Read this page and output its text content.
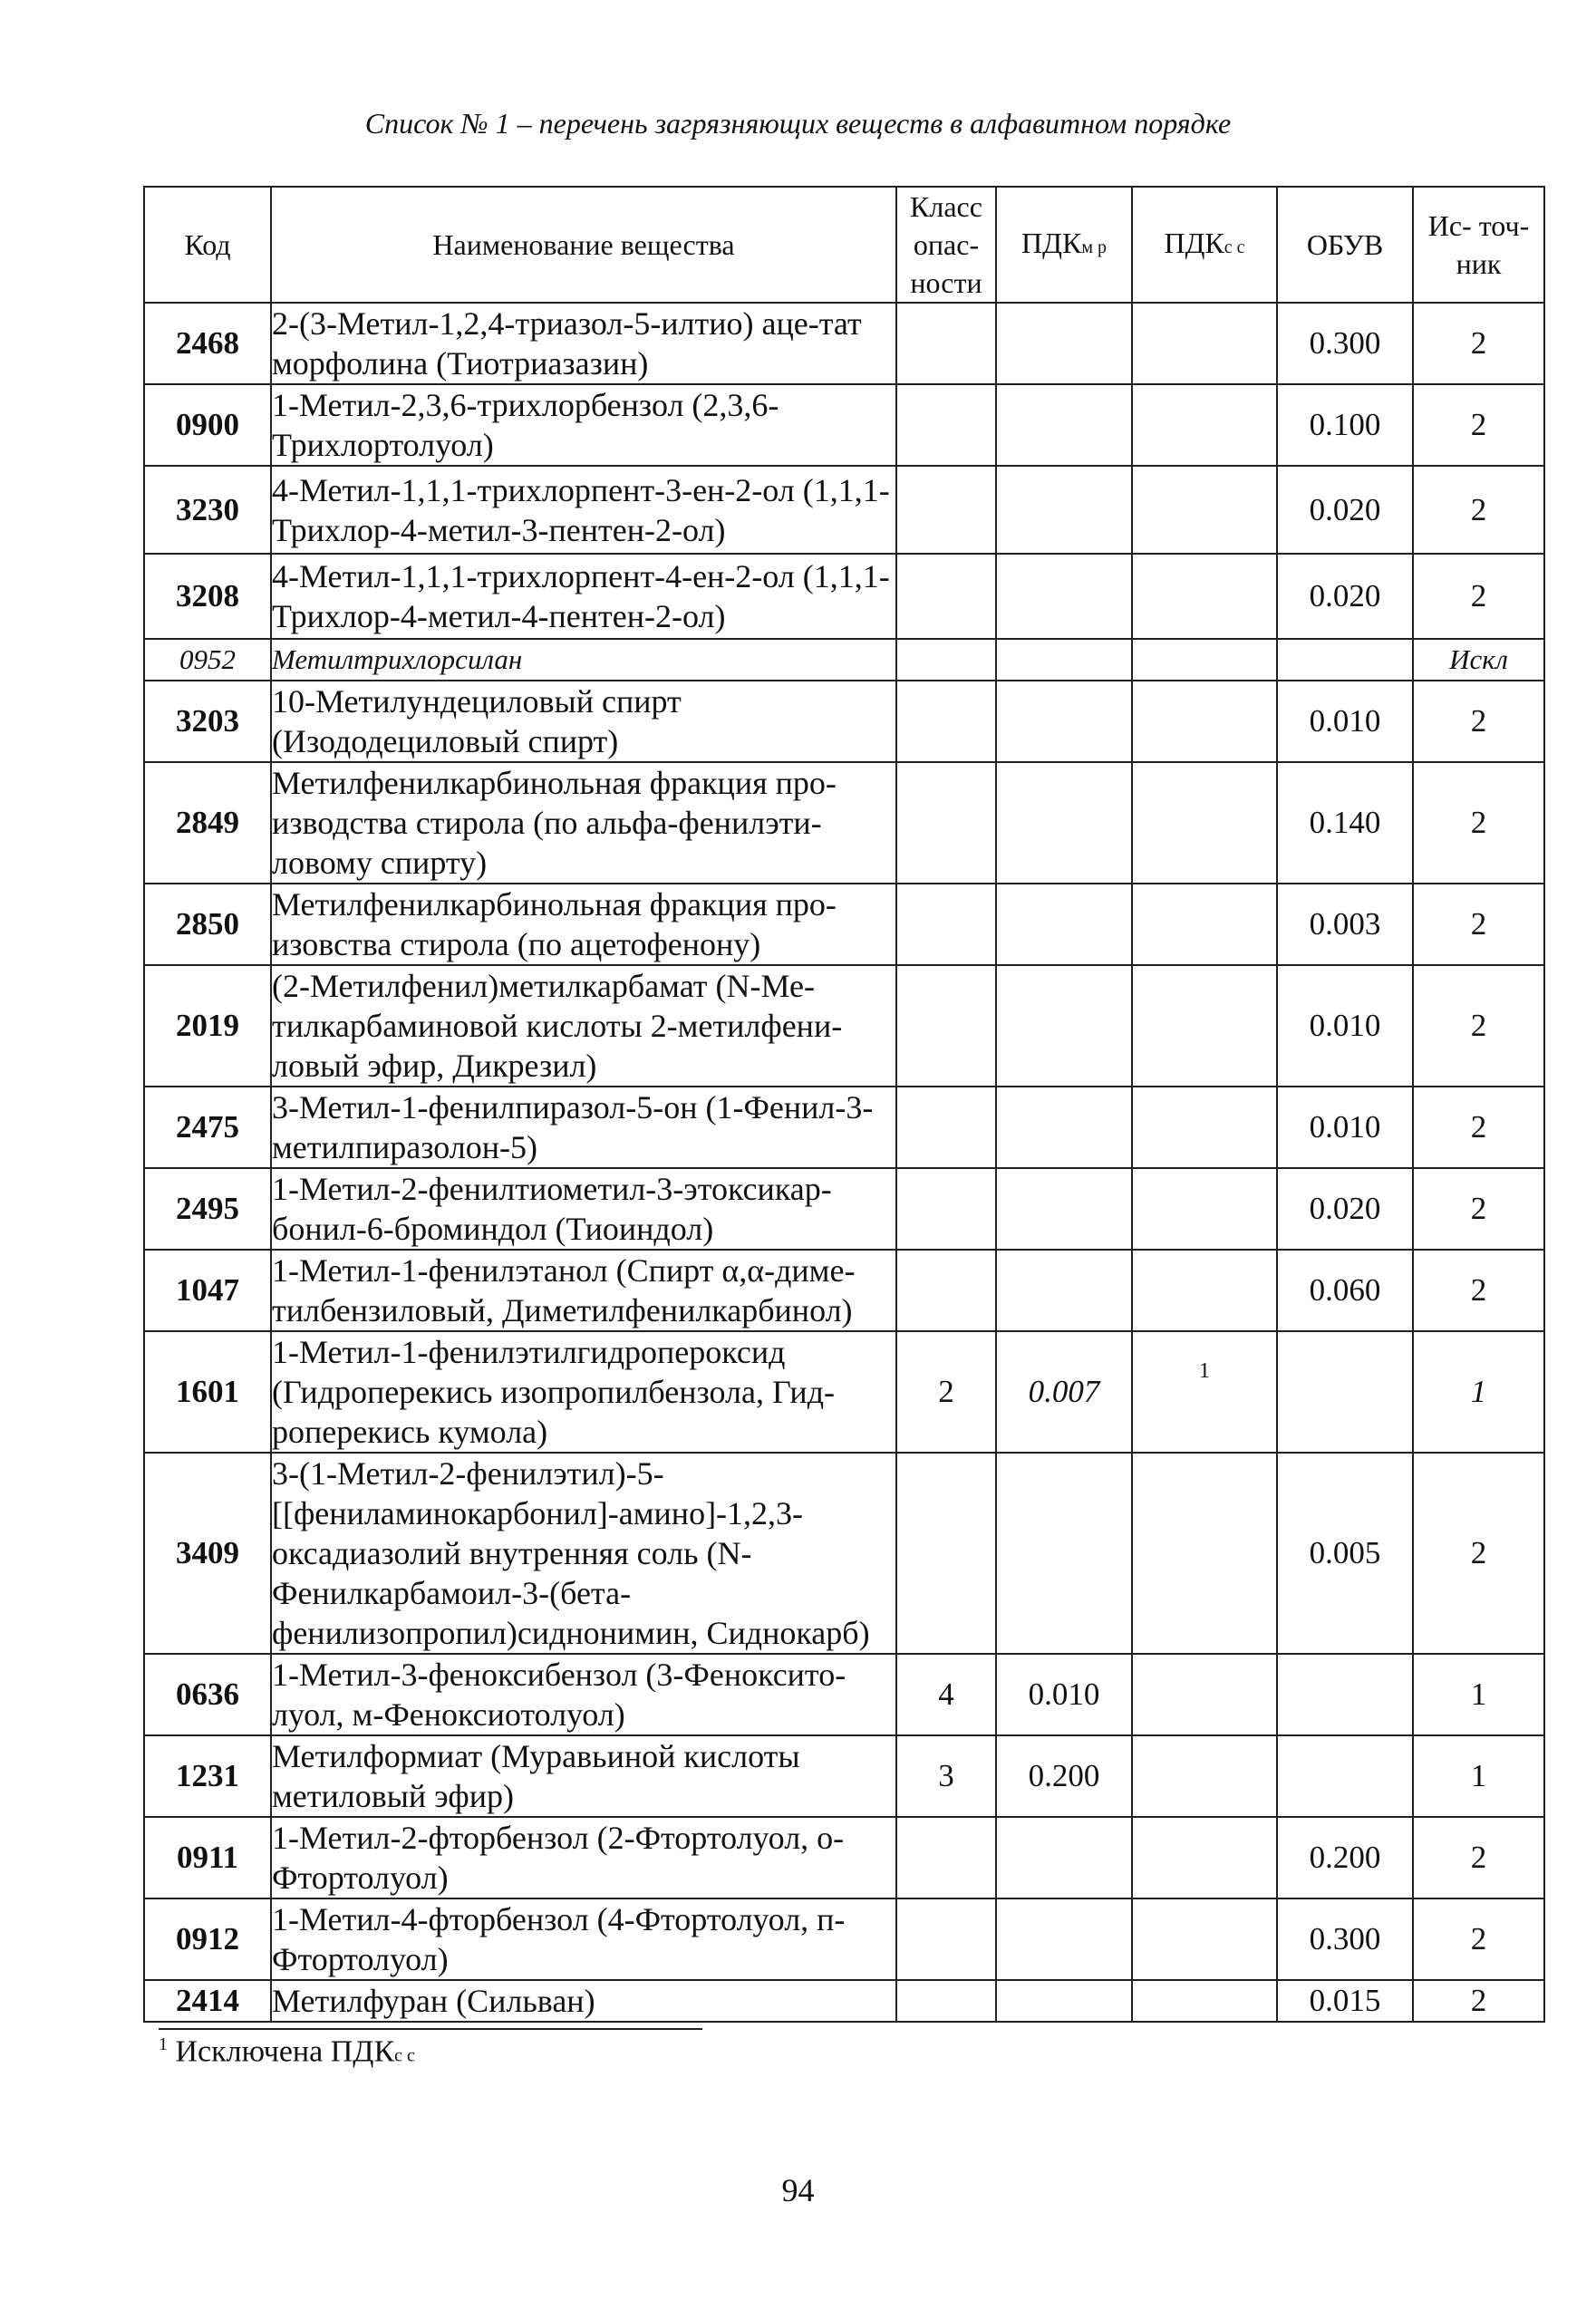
Список № 1 – перечень загрязняющих веществ в алфавитном порядке
Код	Наименование вещества	Класс опас- ности	ПДКм р	ПДКс с	ОБУВ	Ис- точ- ник
2468	2-(3-Метил-1,2,4-триазол-5-илтио) аце-тат морфолина (Тиотриазазин)				0.300	2
0900	1-Метил-2,3,6-трихлорбензол (2,3,6-Трихлортолуол)				0.100	2
3230	4-Метил-1,1,1-трихлорпент-3-ен-2-ол (1,1,1-Трихлор-4-метил-3-пентен-2-ол)				0.020	2
3208	4-Метил-1,1,1-трихлорпент-4-ен-2-ол (1,1,1-Трихлор-4-метил-4-пентен-2-ол)				0.020	2
0952	Метилтрихлорсилан					Искл
3203	10-Метилундециловый спирт (Изододециловый спирт)				0.010	2
2849	Метилфенилкарбинольная фракция про-изводства стирола (по альфа-фенилэти-ловому спирту)				0.140	2
2850	Метилфенилкарбинольная фракция про-изовства стирола (по ацетофенону)				0.003	2
2019	(2-Метилфенил)метилкарбамат (N-Ме-тилкарбаминовой кислоты 2-метилфени-ловый эфир, Дикрезил)				0.010	2
2475	3-Метил-1-фенилпиразол-5-он (1-Фенил-3-метилпиразолон-5)				0.010	2
2495	1-Метил-2-фенилтиометил-3-этоксикар-бонил-6-броминдол (Тиоиндол)				0.020	2
1047	1-Метил-1-фенилэтанол (Спирт α,α-диме-тилбензиловый, Диметилфенилкарбинол)				0.060	2
1601	1-Метил-1-фенилэтилгидропероксид (Гидроперекись изопропилбензола, Гид-роперекись кумола)	2	0.007	1		1
3409	3-(1-Метил-2-фенилэтил)-5-[[фениламинокарбонил]-амино]-1,2,3-оксадиазолий внутренняя соль (N-Фенилкарбамоил-3-(бета-фенилизопропил)сиднонимин, Сиднокарб)				0.005	2
0636	1-Метил-3-феноксибензол (3-Феноксито-луол, м-Феноксиотолуол)	4	0.010			1
1231	Метилформиат (Муравьиной кислоты метиловый эфир)	3	0.200			1
0911	1-Метил-2-фторбензол (2-Фтортолуол, о-Фтортолуол)				0.200	2
0912	1-Метил-4-фторбензол (4-Фтортолуол, п-Фтортолуол)				0.300	2
2414	Метилфуран (Сильван)				0.015	2
$^1$ Исключена ПДКс с
94
